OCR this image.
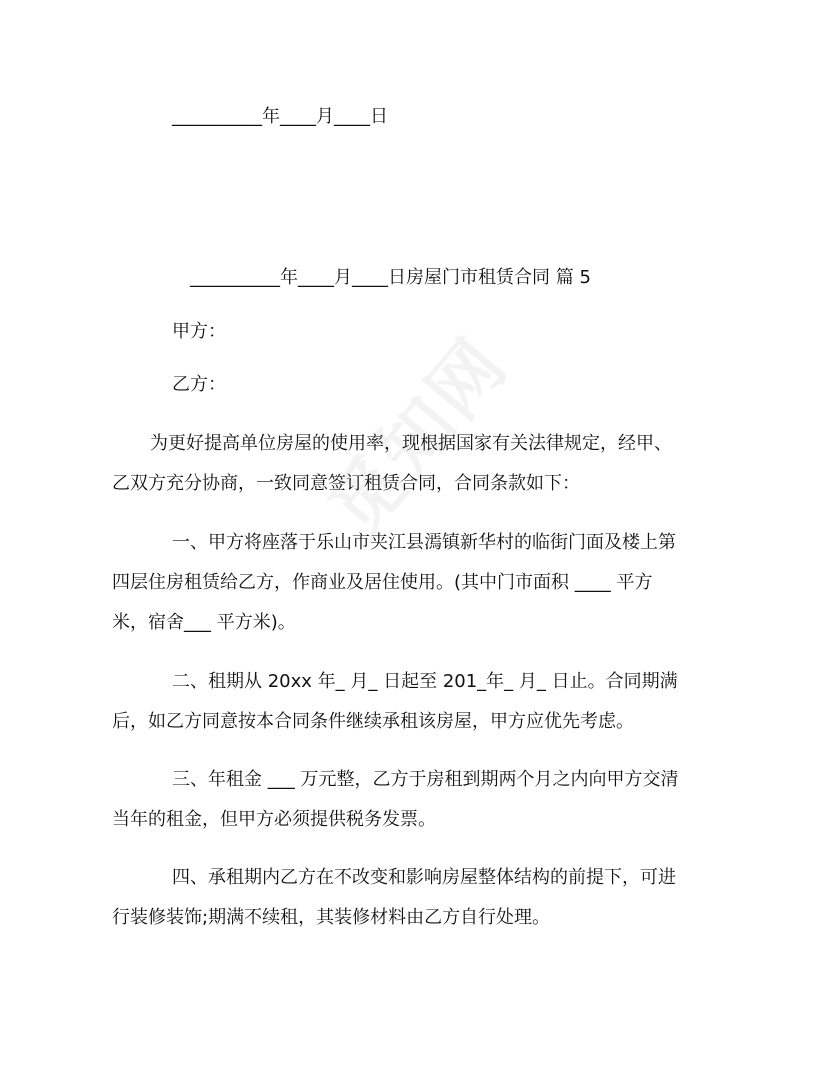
__________年____月____日
__________年____月____日房屋门市租赁合同 篇 5
甲方：
乙方：
为更好提高单位房屋的使用率，现根据国家有关法律规定，经甲、
乙双方充分协商，一致同意签订租赁合同，合同条款如下：
一、甲方将座落于乐山市夹江县漹镇新华村的临街门面及楼上第
四层住房租赁给乙方，作商业及居住使用。(其中门市面积 ____ 平方
米，宿舍___ 平方米)。
二、租期从 20xx 年_ 月_ 日起至 201_年_ 月_ 日止。合同期满
后，如乙方同意按本合同条件继续承租该房屋，甲方应优先考虑。
三、年租金 ___ 万元整，乙方于房租到期两个月之内向甲方交清
当年的租金，但甲方必须提供税务发票。
四、承租期内乙方在不改变和影响房屋整体结构的前提下，可进
行装修装饰;期满不续租，其装修材料由乙方自行处理。
